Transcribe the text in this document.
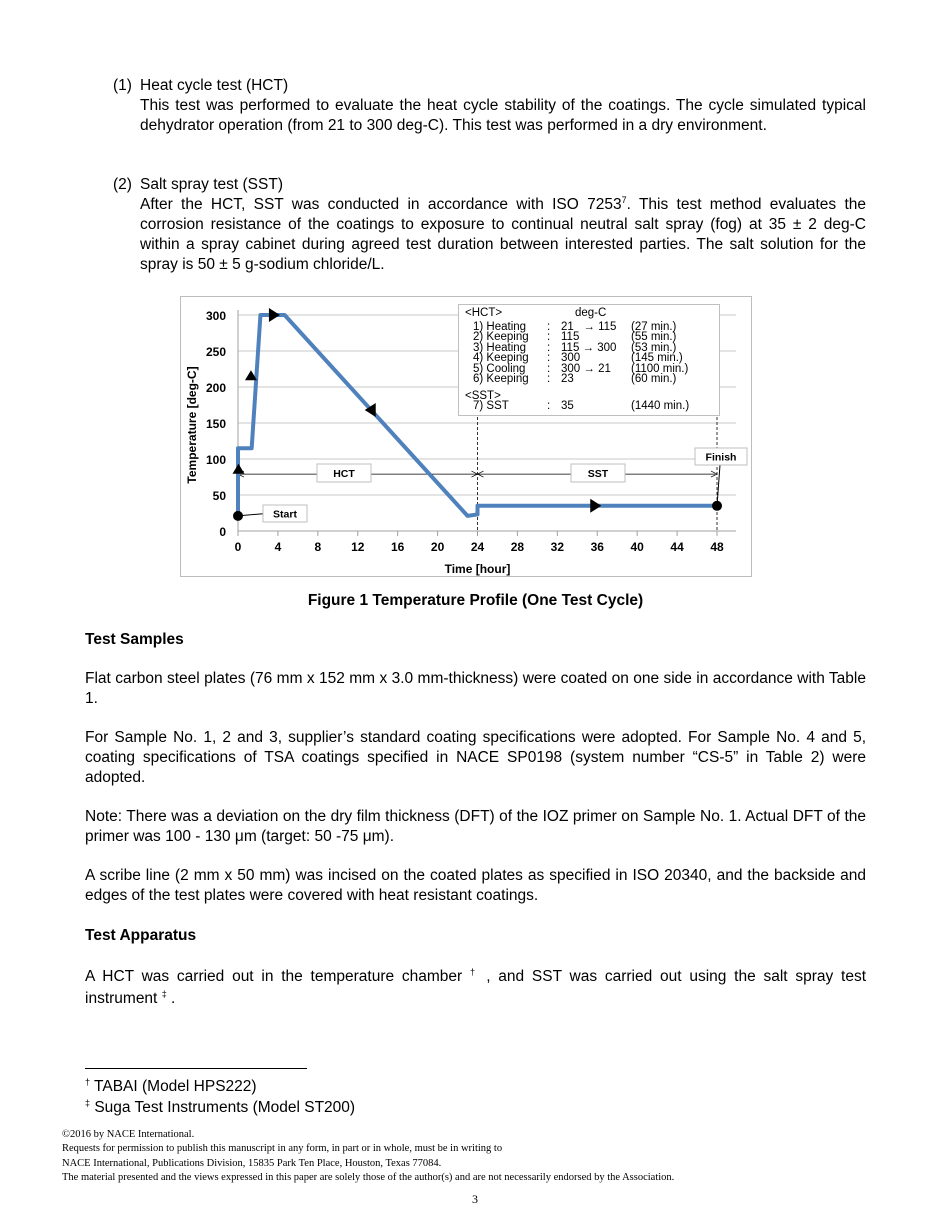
(1) Heat cycle test (HCT)
This test was performed to evaluate the heat cycle stability of the coatings. The cycle simulated typical dehydrator operation (from 21 to 300 deg-C). This test was performed in a dry environment.
(2) Salt spray test (SST)
After the HCT, SST was conducted in accordance with ISO 7253$^7$. This test method evaluates the corrosion resistance of the coatings to exposure to continual neutral salt spray (fog) at 35 ± 2 deg-C within a spray cabinet during agreed test duration between interested parties. The salt solution for the spray is 50 ± 5 g-sodium chloride/L.
0
50
100
150
200
250
300
0	4	8 12 16 20 24 28 32 36 40 44 48
Time [hour]
Temperature [deg-C]
Start
Finish
HCT	SST
<HCT>	deg-C
1) Heating	: 21   → 115	(27 min.)
2) Keeping	: 115	(55 min.)
3) Heating	: 115 → 300	(53 min.)
4) Keeping	: 300	(145 min.)
5) Cooling	: 300 → 21	(1100 min.)
6) Keeping	: 23	(60 min.)
<SST>
7) SST	: 35	(1440 min.)
Figure 1 Temperature Profile (One Test Cycle)
Test Samples
Flat carbon steel plates (76 mm x 152 mm x 3.0 mm-thickness) were coated on one side in accordance with Table 1.
For Sample No. 1, 2 and 3, supplier’s standard coating specifications were adopted. For Sample No. 4 and 5, coating specifications of TSA coatings specified in NACE SP0198 (system number “CS-5” in Table 2) were adopted.
Note: There was a deviation on the dry film thickness (DFT) of the IOZ primer on Sample No. 1. Actual DFT of the primer was 100 - 130 μm (target: 50 -75 μm).
A scribe line (2 mm x 50 mm) was incised on the coated plates as specified in ISO 20340, and the backside and edges of the test plates were covered with heat resistant coatings.
Test Apparatus
A HCT was carried out in the temperature chamber † , and SST was carried out using the salt spray test instrument ‡ .
† TABAI (Model HPS222)
‡ Suga Test Instruments (Model ST200)
©2016 by NACE International.
Requests for permission to publish this manuscript in any form, in part or in whole, must be in writing to
NACE International, Publications Division, 15835 Park Ten Place, Houston, Texas 77084.
The material presented and the views expressed in this paper are solely those of the author(s) and are not necessarily endorsed by the Association.
3
